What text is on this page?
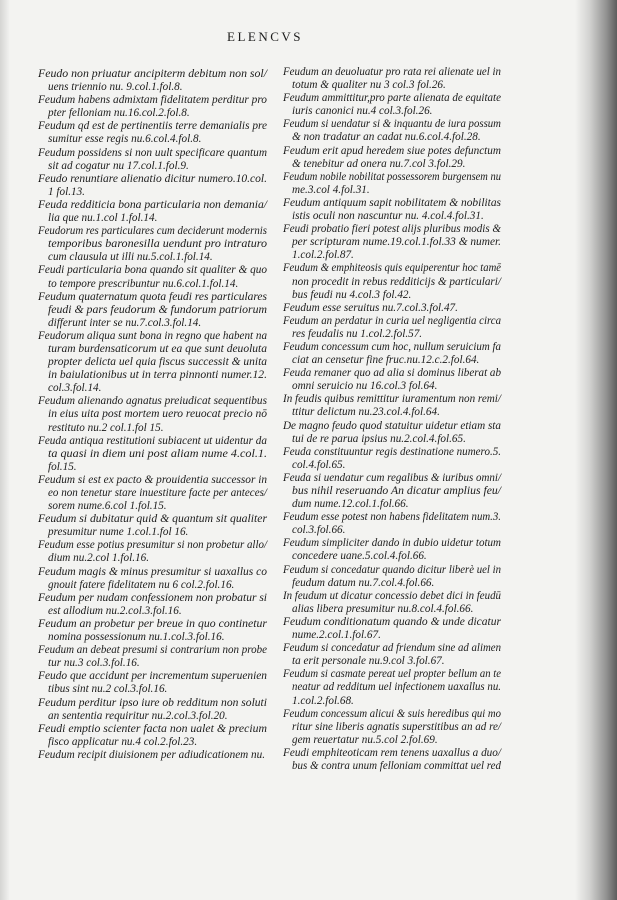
ELENCVS
Feudo non priuatur ancipiterm debitum non sol/
uens triennio nu. 9.col.1.fol.8.
Feudum habens admixtam fidelitatem perditur pro
pter felloniam nu.16.col.2.fol.8.
Feudum qd est de pertinentiis terre demanialis pre
sumitur esse regis nu.6.col.4.fol.8.
Feudum possidens si non uult specificare quantum
sit ad cogatur nu 17.col.1.fol.9.
Feudo renuntiare alienatio dicitur numero.10.col.
1 fol.13.
Feuda redditicia bona particularia non demania/
lia que nu.1.col 1.fol.14.
Feudorum res particulares cum deciderunt modernis
temporibus baronesilla uendunt pro intraturo
cum clausula ut illi nu.5.col.1.fol.14.
Feudi particularia bona quando sit qualiter & quo
to tempore prescribuntur nu.6.col.1.fol.14.
Feudum quaternatum quota feudi res particulares
feudi & pars feudorum & fundorum patriorum
differunt inter se nu.7.col.3.fol.14.
Feudorum aliqua sunt bona in regno que habent na
turam burdensaticorum ut ea que sunt deuoluta
propter delicta uel quia fiscus successit & unita
in baiulationibus ut in terra pinnonti numer.12.
col.3.fol.14.
Feudum alienando agnatus preiudicat sequentibus
in eius uita post mortem uero reuocat precio nō
restituto nu.2 col.1.fol 15.
Feuda antiqua restitutioni subiacent ut uidentur da
ta quasi in diem uni post aliam nume 4.col.1.
fol.15.
Feudum si est ex pacto & prouidentia successor in
eo non tenetur stare inuestiture facte per anteces/
sorem nume.6.col 1.fol.15.
Feudum si dubitatur quid & quantum sit qualiter
presumitur nume 1.col.1.fol 16.
Feudum esse potius presumitur si non probetur allo/
dium nu.2.col 1.fol.16.
Feudum magis & minus presumitur si uaxallus co
gnouit fatere fidelitatem nu 6 col.2.fol.16.
Feudum per nudam confessionem non probatur si
est allodium nu.2.col.3.fol.16.
Feudum an probetur per breue in quo continetur
nomina possessionum nu.1.col.3.fol.16.
Feudum an debeat presumi si contrarium non probe
tur nu.3 col.3.fol.16.
Feudo que accidunt per incrementum superuenien
tibus sint nu.2 col.3.fol.16.
Feudum perditur ipso iure ob redditum non soluti
an sententia requiritur nu.2.col.3.fol.20.
Feudi emptio scienter facta non ualet & precium
fisco applicatur nu.4 col.2.fol.23.
Feudum recipit diuisionem per adiudicationem nu.
Feudum an deuoluatur pro rata rei alienate uel in
totum & qualiter nu 3 col.3 fol.26.
Feudum ammittitur,pro parte alienata de equitate
iuris canonici nu.4 col.3.fol.26.
Feudum si uendatur si & inquantu de iura possum
& non tradatur an cadat nu.6.col.4.fol.28.
Feudum erit apud heredem siue potes defunctum
& tenebitur ad onera nu.7.col 3.fol.29.
Feudum nobile nobilitat possessorem burgensem nu
me.3.col 4.fol.31.
Feudum antiquum sapit nobilitatem & nobilitas
istis oculi non nascuntur nu. 4.col.4.fol.31.
Feudi probatio fieri potest alijs pluribus modis &
per scripturam nume.19.col.1.fol.33 & numer.
1.col.2.fol.87.
Feudum & emphiteosis quis equiperentur hoc tamē
non procedit in rebus redditicijs & particulari/
bus feudi nu 4.col.3 fol.42.
Feudum esse seruitus nu.7.col.3.fol.47.
Feudum an perdatur in curia uel negligentia circa
res feudalis nu 1.col.2.fol.57.
Feudum concessum cum hoc, nullum seruicium fa
ciat an censetur fine fruc.nu.12.c.2.fol.64.
Feuda remaner quo ad alia si dominus liberat ab
omni seruicio nu 16.col.3 fol.64.
In feudis quibus remittitur iuramentum non remi/
ttitur delictum nu.23.col.4.fol.64.
De magno feudo quod statuitur uidetur etiam sta
tui de re parua ipsius nu.2.col.4.fol.65.
Feuda constituuntur regis destinatione numero.5.
col.4.fol.65.
Feuda si uendatur cum regalibus & iuribus omni/
bus nihil reseruando An dicatur amplius feu/
dum nume.12.col.1.fol.66.
Feudum esse potest non habens fidelitatem num.3.
col.3.fol.66.
Feudum simpliciter dando in dubio uidetur totum
concedere uane.5.col.4.fol.66.
Feudum si concedatur quando dicitur liberè uel in
feudum datum nu.7.col.4.fol.66.
In feudum ut dicatur concessio debet dici in feudū
alias libera presumitur nu.8.col.4.fol.66.
Feudum conditionatum quando & unde dicatur
nume.2.col.1.fol.67.
Feudum si concedatur ad friendum sine ad alimen
ta erit personale nu.9.col 3.fol.67.
Feudum si casmate pereat uel propter bellum an te
neatur ad redditum uel infectionem uaxallus nu.
1.col.2.fol.68.
Feudum concessum alicui & suis heredibus qui mo
ritur sine liberis agnatis superstitibus an ad re/
gem reuertatur nu.5.col 2.fol.69.
Feudi emphiteoticam rem tenens uaxallus a duo/
bus & contra unum felloniam committat uel red
